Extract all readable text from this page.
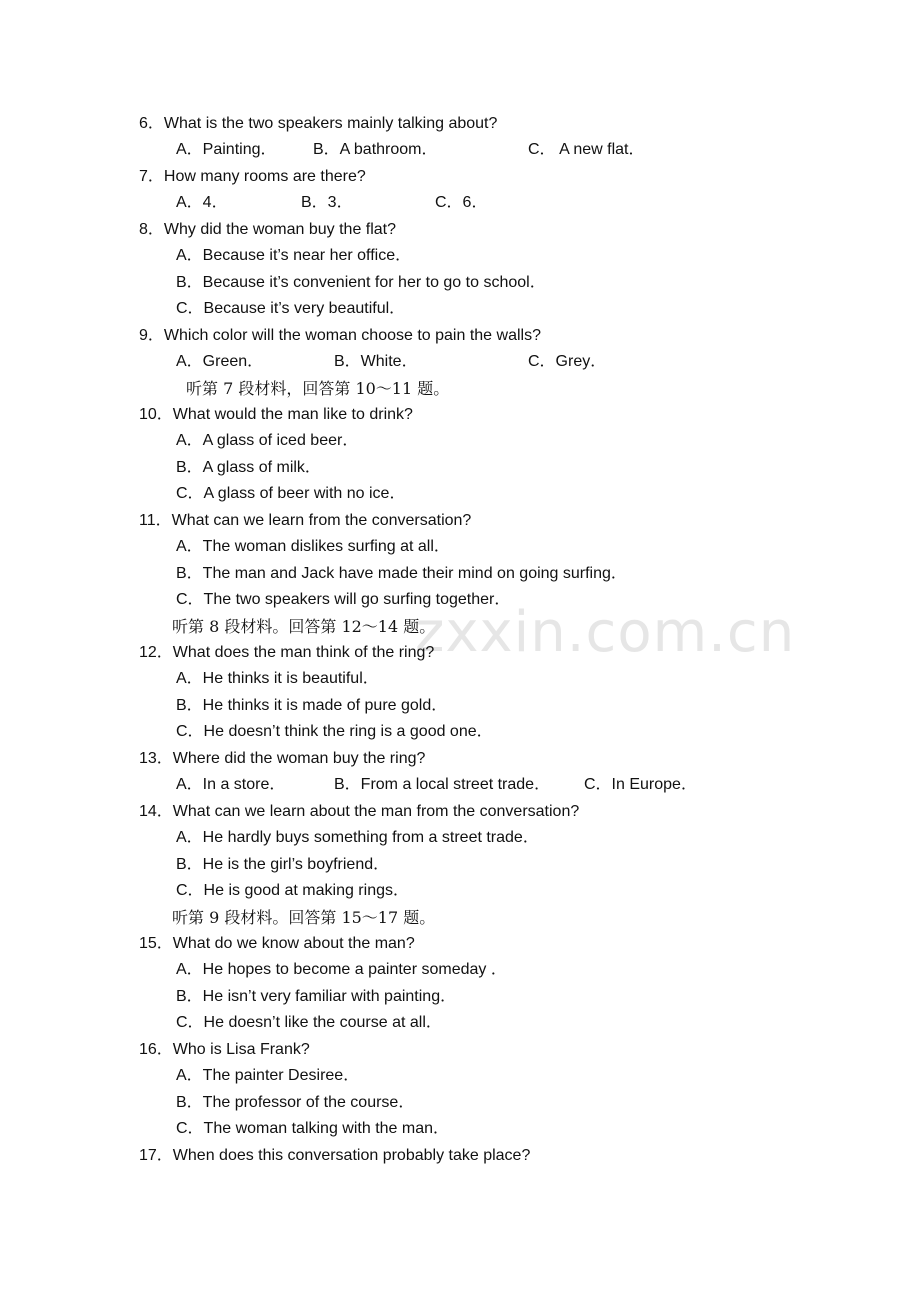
zxxin.com.cn
6．What is the two speakers mainly talking about?
A．Painting． B．A bathroom．	C． A new flat．
7．How many rooms are there?
A．4．	B．3．	C．6．
8．Why did the woman buy the flat?
A．Because it’s near her office．
B．Because it’s convenient for her to go to school．
C．Because it’s very beautiful．
9．Which color will the woman choose to pain the walls?
A．Green．	B．White．	C．Grey．
听第 7 段材料，回答第 10～11 题。
10．What would the man like to drink?
A．A glass of iced beer．
B．A glass of milk．
C．A glass of beer with no ice．
11．What can we learn from the conversation?
A．The woman dislikes surfing at all．
B．The man and Jack have made their mind on going surfing．
C．The two speakers will go surfing together．
听第 8 段材料。回答第 12～14 题。
12．What does the man think of the ring?
A．He thinks it is beautiful．
B．He thinks it is made of pure gold．
C．He doesn’t think the ring is a good one．
13．Where did the woman buy the ring?
A．In a store．	B．From a local street trade． C．In Europe．
14．What can we learn about the man from the conversation?
A．He hardly buys something from a street trade．
B．He is the girl’s boyfriend．
C．He is good at making rings．
听第 9 段材料。回答第 15～17 题。
15．What do we know about the man?
A．He hopes to become a painter someday ．
B．He isn’t very familiar with painting．
C．He doesn’t like the course at all．
16．Who is Lisa Frank?
A．The painter Desiree．
B．The professor of the course．
C．The woman talking with the man．
17．When does this conversation probably take place?
